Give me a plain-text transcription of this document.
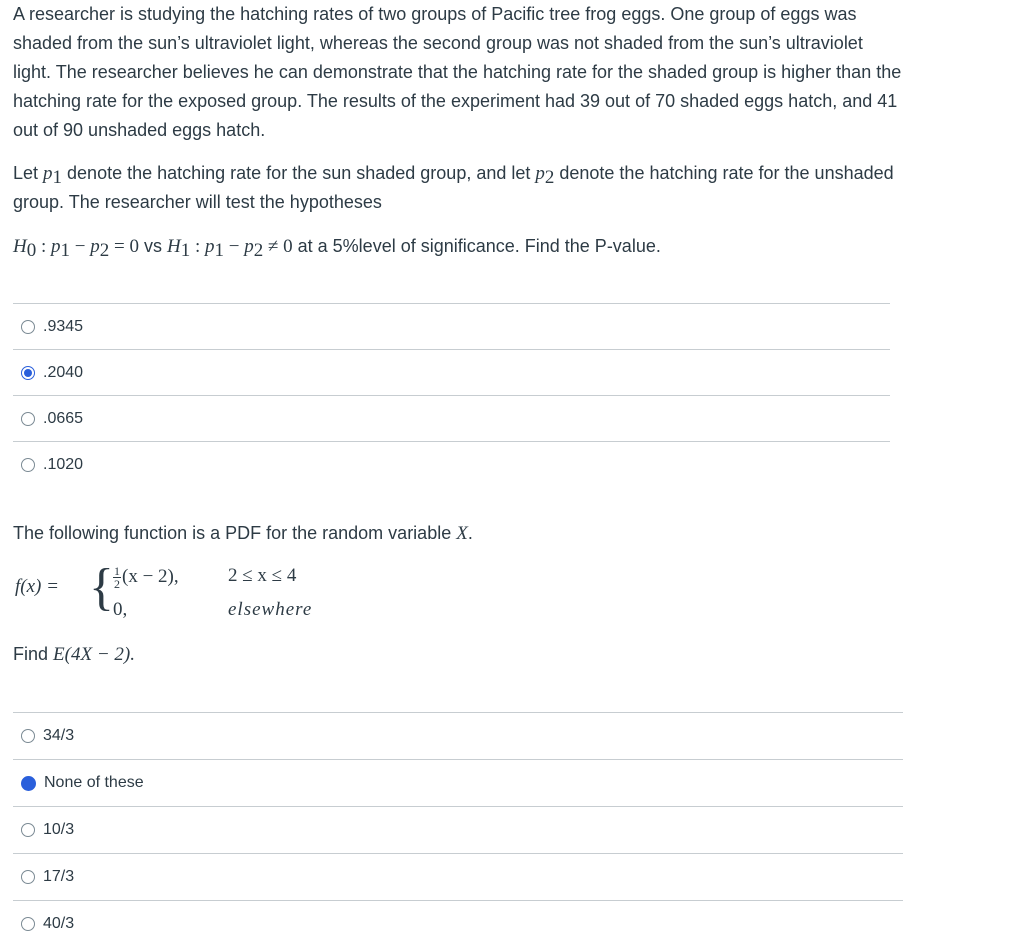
A researcher is studying the hatching rates of two groups of Pacific tree frog eggs. One group of eggs was shaded from the sun’s ultraviolet light, whereas the second group was not shaded from the sun’s ultraviolet light. The researcher believes he can demonstrate that the hatching rate for the shaded group is higher than the hatching rate for the exposed group. The results of the experiment had 39 out of 70 shaded eggs hatch, and 41 out of 90 unshaded eggs hatch.

Let $p_1$ denote the hatching rate for the sun shaded group, and let $p_2$ denote the hatching rate for the unshaded group. The researcher will test the hypotheses

$H_0$ : $p_1 - p_2 = 0$ vs $H_1$ : $p_1 - p_2 \ne 0$ at a 5%level of significance. Find the P-value.

.9345
.2040
.0665
.1020

The following function is a PDF for the random variable X.

f(x) = { $\frac{1}{2} (x - 2)$,
0,
2 ≤ x ≤ 4
elsewhere

Find E(4X − 2).

34/3
None of these
10/3
17/3
40/3
